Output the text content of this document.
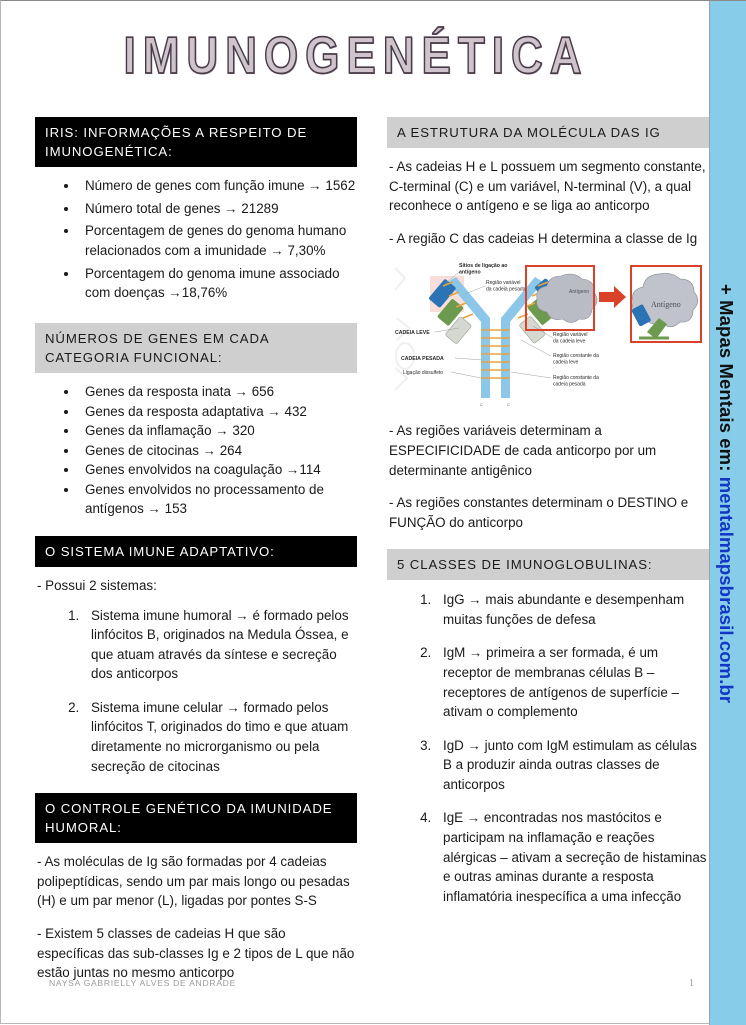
IMUNOGENÉTICA
IRIS: INFORMAÇÕES A RESPEITO DE IMUNOGENÉTICA:
• Número de genes com função imune → 1562
• Número total de genes → 21289
• Porcentagem de genes do genoma humano relacionados com a imunidade → 7,30%
• Porcentagem do genoma imune associado com doenças →18,76%
NÚMEROS DE GENES EM CADA CATEGORIA FUNCIONAL:
• Genes da resposta inata → 656
• Genes da resposta adaptativa → 432
• Genes da inflamação → 320
• Genes de citocinas → 264
• Genes envolvidos na coagulação →114
• Genes envolvidos no processamento de antígenos → 153
O SISTEMA IMUNE ADAPTATIVO:

- Possui 2 sistemas:

1. Sistema imune humoral → é formado pelos linfócitos B, originados na Medula Óssea, e que atuam através da síntese e secreção dos anticorpos
2. Sistema imune celular → formado pelos linfócitos T, originados do timo e que atuam diretamente no microrganismo ou pela secreção de citocinas
O CONTROLE GENÉTICO DA IMUNIDADE HUMORAL:

- As moléculas de Ig são formadas por 4 cadeias polipeptídicas, sendo um par mais longo ou pesadas (H) e um par menor (L), ligadas por pontes S-S

- Existem 5 classes de cadeias H que são específicas das sub-classes Ig e 2 tipos de L que não estão juntas no mesmo anticorpo

A ESTRUTURA DA MOLÉCULA DAS IG

- As cadeias H e L possuem um segmento constante, C-terminal (C) e um variável, N-terminal (V), a qual reconhece o antígeno e se liga ao anticorpo

- A região C das cadeias H determina a classe de Ig

C	C
Antígeno
Antígeno
Sítios de ligação ao
antígeno
Região variável
da cadeia pesada
CADEIA LEVE
CADEIA PESADA
Ligação dissulfeto
Região variável
da cadeia leve
Região constante da
cadeia leve
Região constante da
cadeia pesada

- As regiões variáveis determinam a ESPECIFICIDADE de cada anticorpo por um determinante antigênico

- As regiões constantes determinam o DESTINO e FUNÇÃO do anticorpo

5 CLASSES DE IMUNOGLOBULINAS:
1. IgG → mais abundante e desempenham muitas funções de defesa
2. IgM → primeira a ser formada, é um receptor de membranas células B – receptores de antígenos de superfície – ativam o complemento
3. IgD → junto com IgM estimulam as células B a produzir ainda outras classes de anticorpos
4. IgE → encontradas nos mastócitos e participam na inflamação e reações alérgicas – ativam a secreção de histaminas e outras aminas durante a resposta inflamatória inespecífica a uma infecção
NAYSA GABRIELLY ALVES DE ANDRADE	1
+ Mapas Mentais em: mentalmapsbrasil.com.br
